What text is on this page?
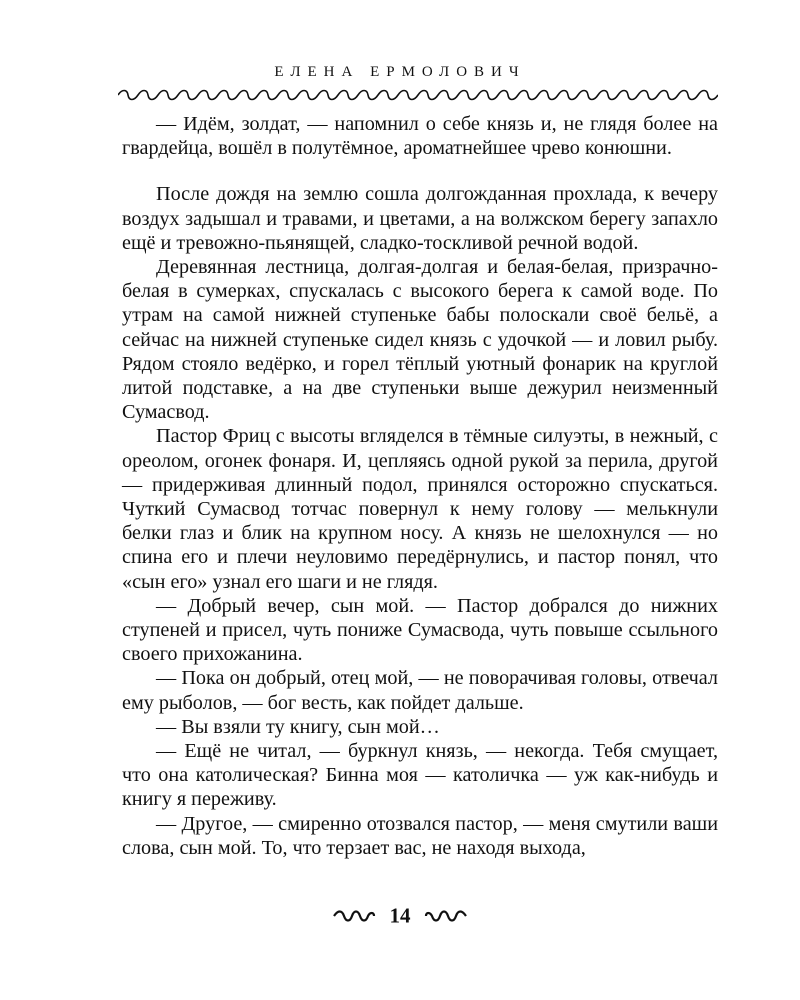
ЕЛЕНА ЕРМОЛОВИЧ

— Идём, золдат, — напомнил о себе князь и, не глядя более на гвардейца, вошёл в полутёмное, ароматнейшее чрево конюшни.

После дождя на землю сошла долгожданная прохлада, к вечеру воздух задышал и травами, и цветами, а на волжском берегу запахло ещё и тревожно-пьянящей, сладко-тоскливой речной водой.

Деревянная лестница, долгая-долгая и белая-белая, призрачно-белая в сумерках, спускалась с высокого берега к самой воде. По утрам на самой нижней ступеньке бабы полоскали своё бельё, а сейчас на нижней ступеньке сидел князь с удочкой — и ловил рыбу. Рядом стояло ведёрко, и горел тёплый уютный фонарик на круглой литой подставке, а на две ступеньки выше дежурил неизменный Сумасвод.

Пастор Фриц с высоты вгляделся в тёмные силуэты, в нежный, с ореолом, огонек фонаря. И, цепляясь одной рукой за перила, другой — придерживая длинный подол, принялся осторожно спускаться. Чуткий Сумасвод тотчас повернул к нему голову — мелькнули белки глаз и блик на крупном носу. А князь не шелохнулся — но спина его и плечи неуловимо передёрнулись, и пастор понял, что «сын его» узнал его шаги и не глядя.

— Добрый вечер, сын мой. — Пастор добрался до нижних ступеней и присел, чуть пониже Сумасвода, чуть повыше ссыльного своего прихожанина.

— Пока он добрый, отец мой, — не поворачивая головы, отвечал ему рыболов, — бог весть, как пойдет дальше.

— Вы взяли ту книгу, сын мой…

— Ещё не читал, — буркнул князь, — некогда. Тебя смущает, что она католическая? Бинна моя — католичка — уж как-нибудь и книгу я переживу.

— Другое, — смиренно отозвался пастор, — меня смутили ваши слова, сын мой. То, что терзает вас, не находя выхода,

14
